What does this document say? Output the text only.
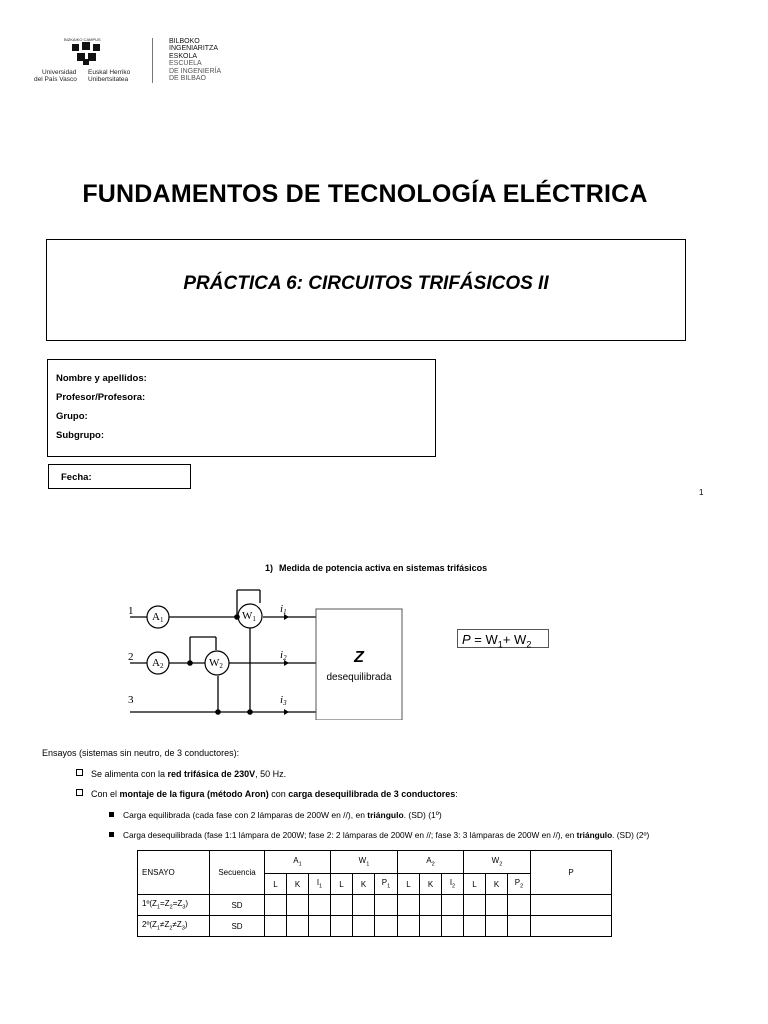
BIZKAIKO CAMPUS
Universidad
del País Vasco
Euskal Herriko
Unibertsitatea
BILBOKO
INGENIARITZA
ESKOLA
ESCUELA
DE INGENIERÍA
DE BILBAO
FUNDAMENTOS DE TECNOLOGÍA ELÉCTRICA
PRÁCTICA 6: CIRCUITOS TRIFÁSICOS II
Nombre y apellidos:
Profesor/Profesora:
Grupo:
Subgrupo:
Fecha:
1
1) Medida de potencia activa en sistemas trifásicos
1
2
3
A1
A2
W1
W2
i1
i2
i3
Z
desequilibrada
$P = W_1+ W_2$
Ensayos (sistemas sin neutro, de 3 conductores):
Se alimenta con la red trifásica de 230V, 50 Hz.
Con el montaje de la figura (método Aron) con carga desequilibrada de 3 conductores:
Carga equilibrada (cada fase con 2 lámparas de 200W en //), en triángulo. (SD) (1º)
Carga desequilibrada (fase 1:1 lámpara de 200W; fase 2: 2 lámparas de 200W en //; fase 3: 3 lámparas de 200W en //), en triángulo. (SD) (2º)
ENSAYO	Secuencia	$A_1$			$W_1$			$A_2$			$W_2$			P
		L	K	$I_1$	L	K	$P_1$	L	K	$I_2$	L	K	$P_2$
$1º(Z_1=Z_2=Z_3)$	SD													
$2º(Z_1\ne Z_2\ne Z_3)$	SD													
